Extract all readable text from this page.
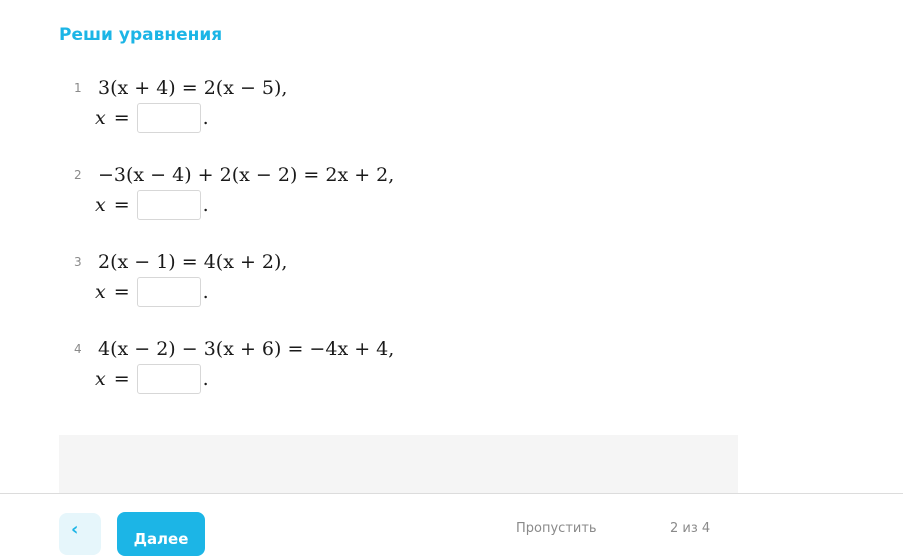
Реши уравнения
1 3(x + 4) = 2(x − 5),
x =	.
2 −3(x − 4) + 2(x − 2) = 2x + 2,
x =	.
3 2(x − 1) = 4(x + 2),
x =	.
4 4(x − 2) − 3(x + 6) = −4x + 4,
x =	.
‹	Далее
Пропустить	2 из 4
